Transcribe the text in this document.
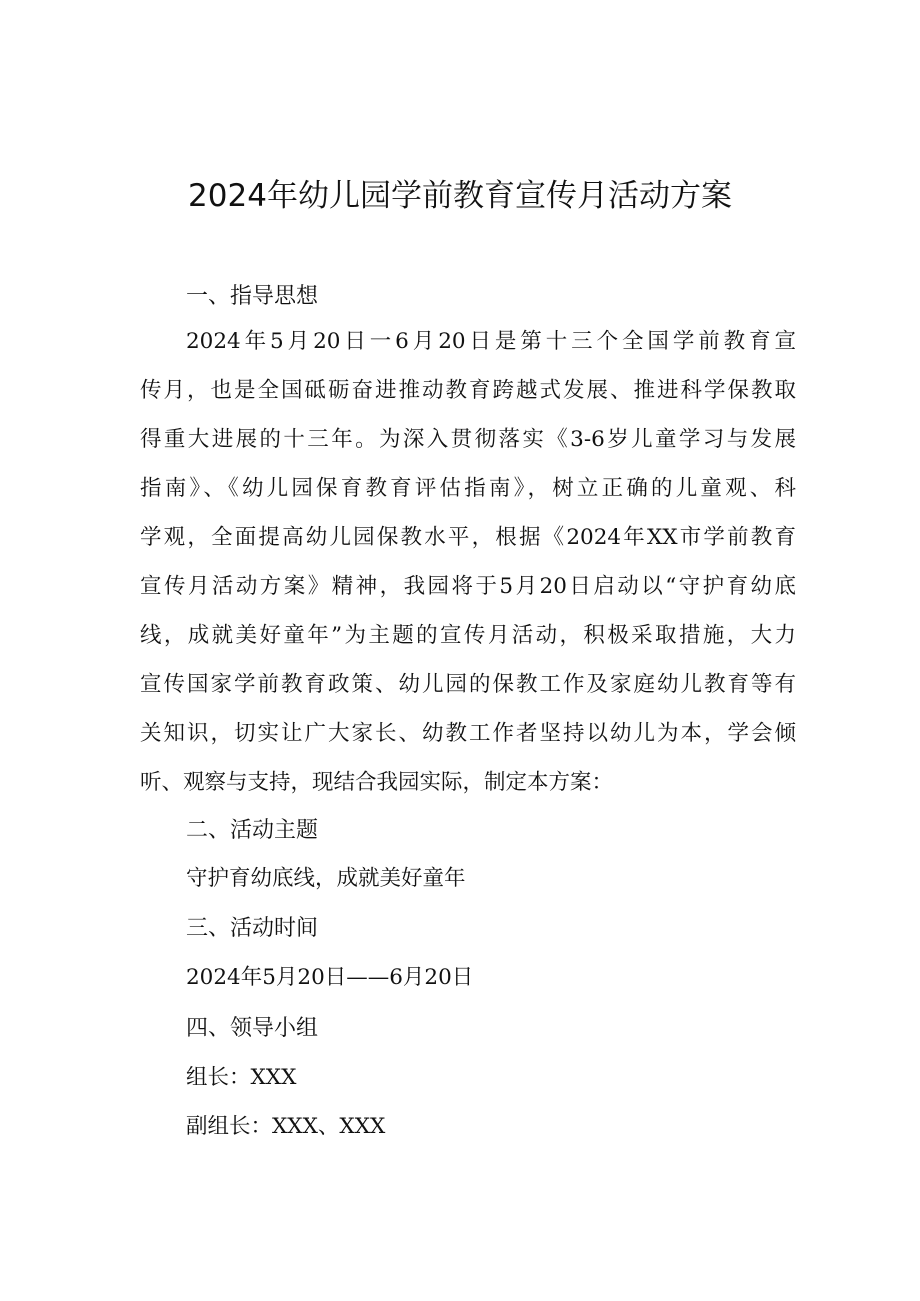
2024年幼儿园学前教育宣传月活动方案
一、指导思想

2024年5月20日一6月20日是第十三个全国学前教育宣

传月，也是全国砥砺奋进推动教育跨越式发展、推进科学保教取

得重大进展的十三年。为深入贯彻落实《3-6岁儿童学习与发展

指南》、《幼儿园保育教育评估指南》，树立正确的儿童观、科

学观，全面提高幼儿园保教水平，根据《2024年XX市学前教育

宣传月活动方案》精神，我园将于5月20日启动以“守护育幼底

线，成就美好童年”为主题的宣传月活动，积极采取措施，大力

宣传国家学前教育政策、幼儿园的保教工作及家庭幼儿教育等有

关知识，切实让广大家长、幼教工作者坚持以幼儿为本，学会倾

听、观察与支持，现结合我园实际，制定本方案：

二、活动主题

守护育幼底线，成就美好童年

三、活动时间

2024年5月20日——6月20日

四、领导小组

组长：XXX

副组长：XXX、XXX
